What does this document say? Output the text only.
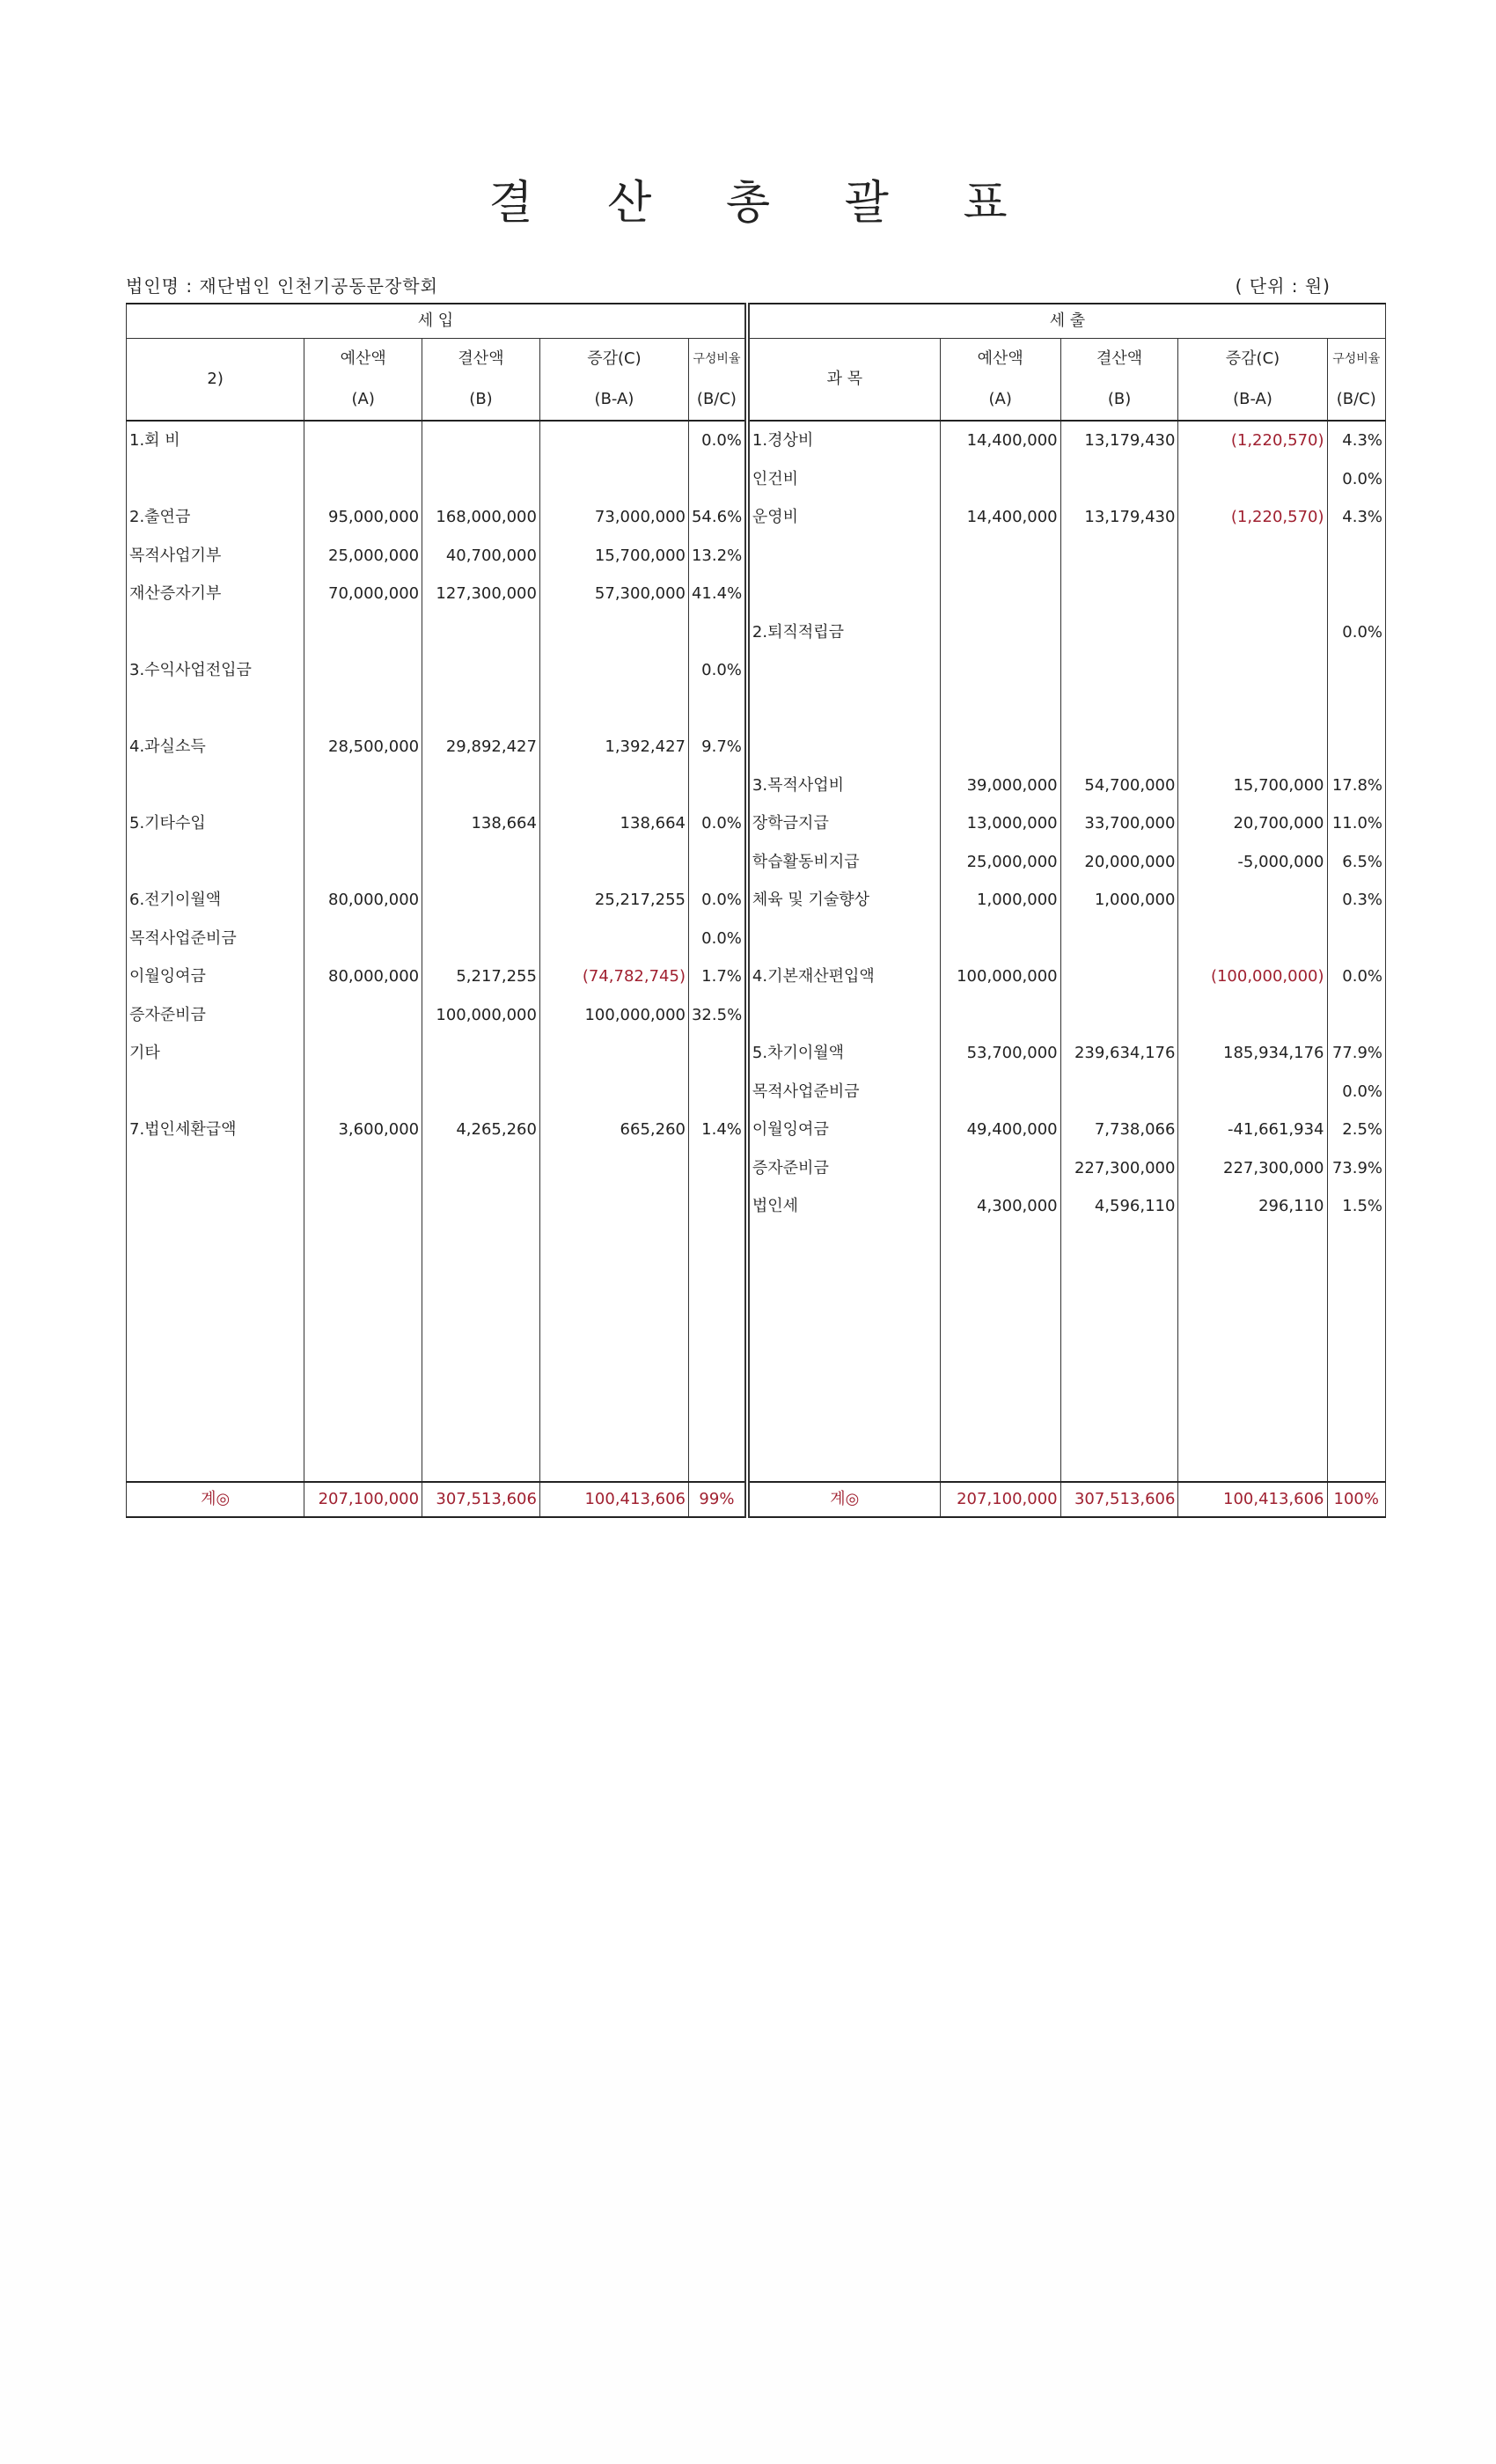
결 산 총 괄 표
법인명 : 재단법인 인천기공동문장학회	( 단위 : 원)
세 입					세 출				
2)	예산액	결산액	증감(C)	구성비율	과 목	예산액	결산액	증감(C)	구성비율
	(A)	(B)	(B-A)	(B/C)		(A)	(B)	(B-A)	(B/C)
1.회 비				0.0%	1.경상비	14,400,000	13,179,430	(1,220,570)	4.3%
					인건비				0.0%
2.출연금	95,000,000	168,000,000	73,000,000	54.6%	운영비	14,400,000	13,179,430	(1,220,570)	4.3%
목적사업기부	25,000,000	40,700,000	15,700,000	13.2%					
재산증자기부	70,000,000	127,300,000	57,300,000	41.4%					
					2.퇴직적립금				0.0%
3.수익사업전입금				0.0%					

4.과실소득	28,500,000	29,892,427	1,392,427	9.7%					
					3.목적사업비	39,000,000	54,700,000	15,700,000	17.8%
5.기타수입		138,664	138,664	0.0%	장학금지급	13,000,000	33,700,000	20,700,000	11.0%
					학습활동비지급	25,000,000	20,000,000	-5,000,000	6.5%
6.전기이월액	80,000,000		25,217,255	0.0%	체육 및 기술향상	1,000,000	1,000,000		0.3%
목적사업준비금				0.0%					
이월잉여금	80,000,000	5,217,255	(74,782,745)	1.7%	4.기본재산편입액	100,000,000		(100,000,000)	0.0%
증자준비금		100,000,000	100,000,000	32.5%					
기타					5.차기이월액	53,700,000	239,634,176	185,934,176	77.9%
					목적사업준비금				0.0%
7.법인세환급액	3,600,000	4,265,260	665,260	1.4%	이월잉여금	49,400,000	7,738,066	-41,661,934	2.5%
					증자준비금		227,300,000	227,300,000	73.9%
					법인세	4,300,000	4,596,110	296,110	1.5%

계◎	207,100,000	307,513,606	100,413,606	99%	계◎	207,100,000	307,513,606	100,413,606	100%
